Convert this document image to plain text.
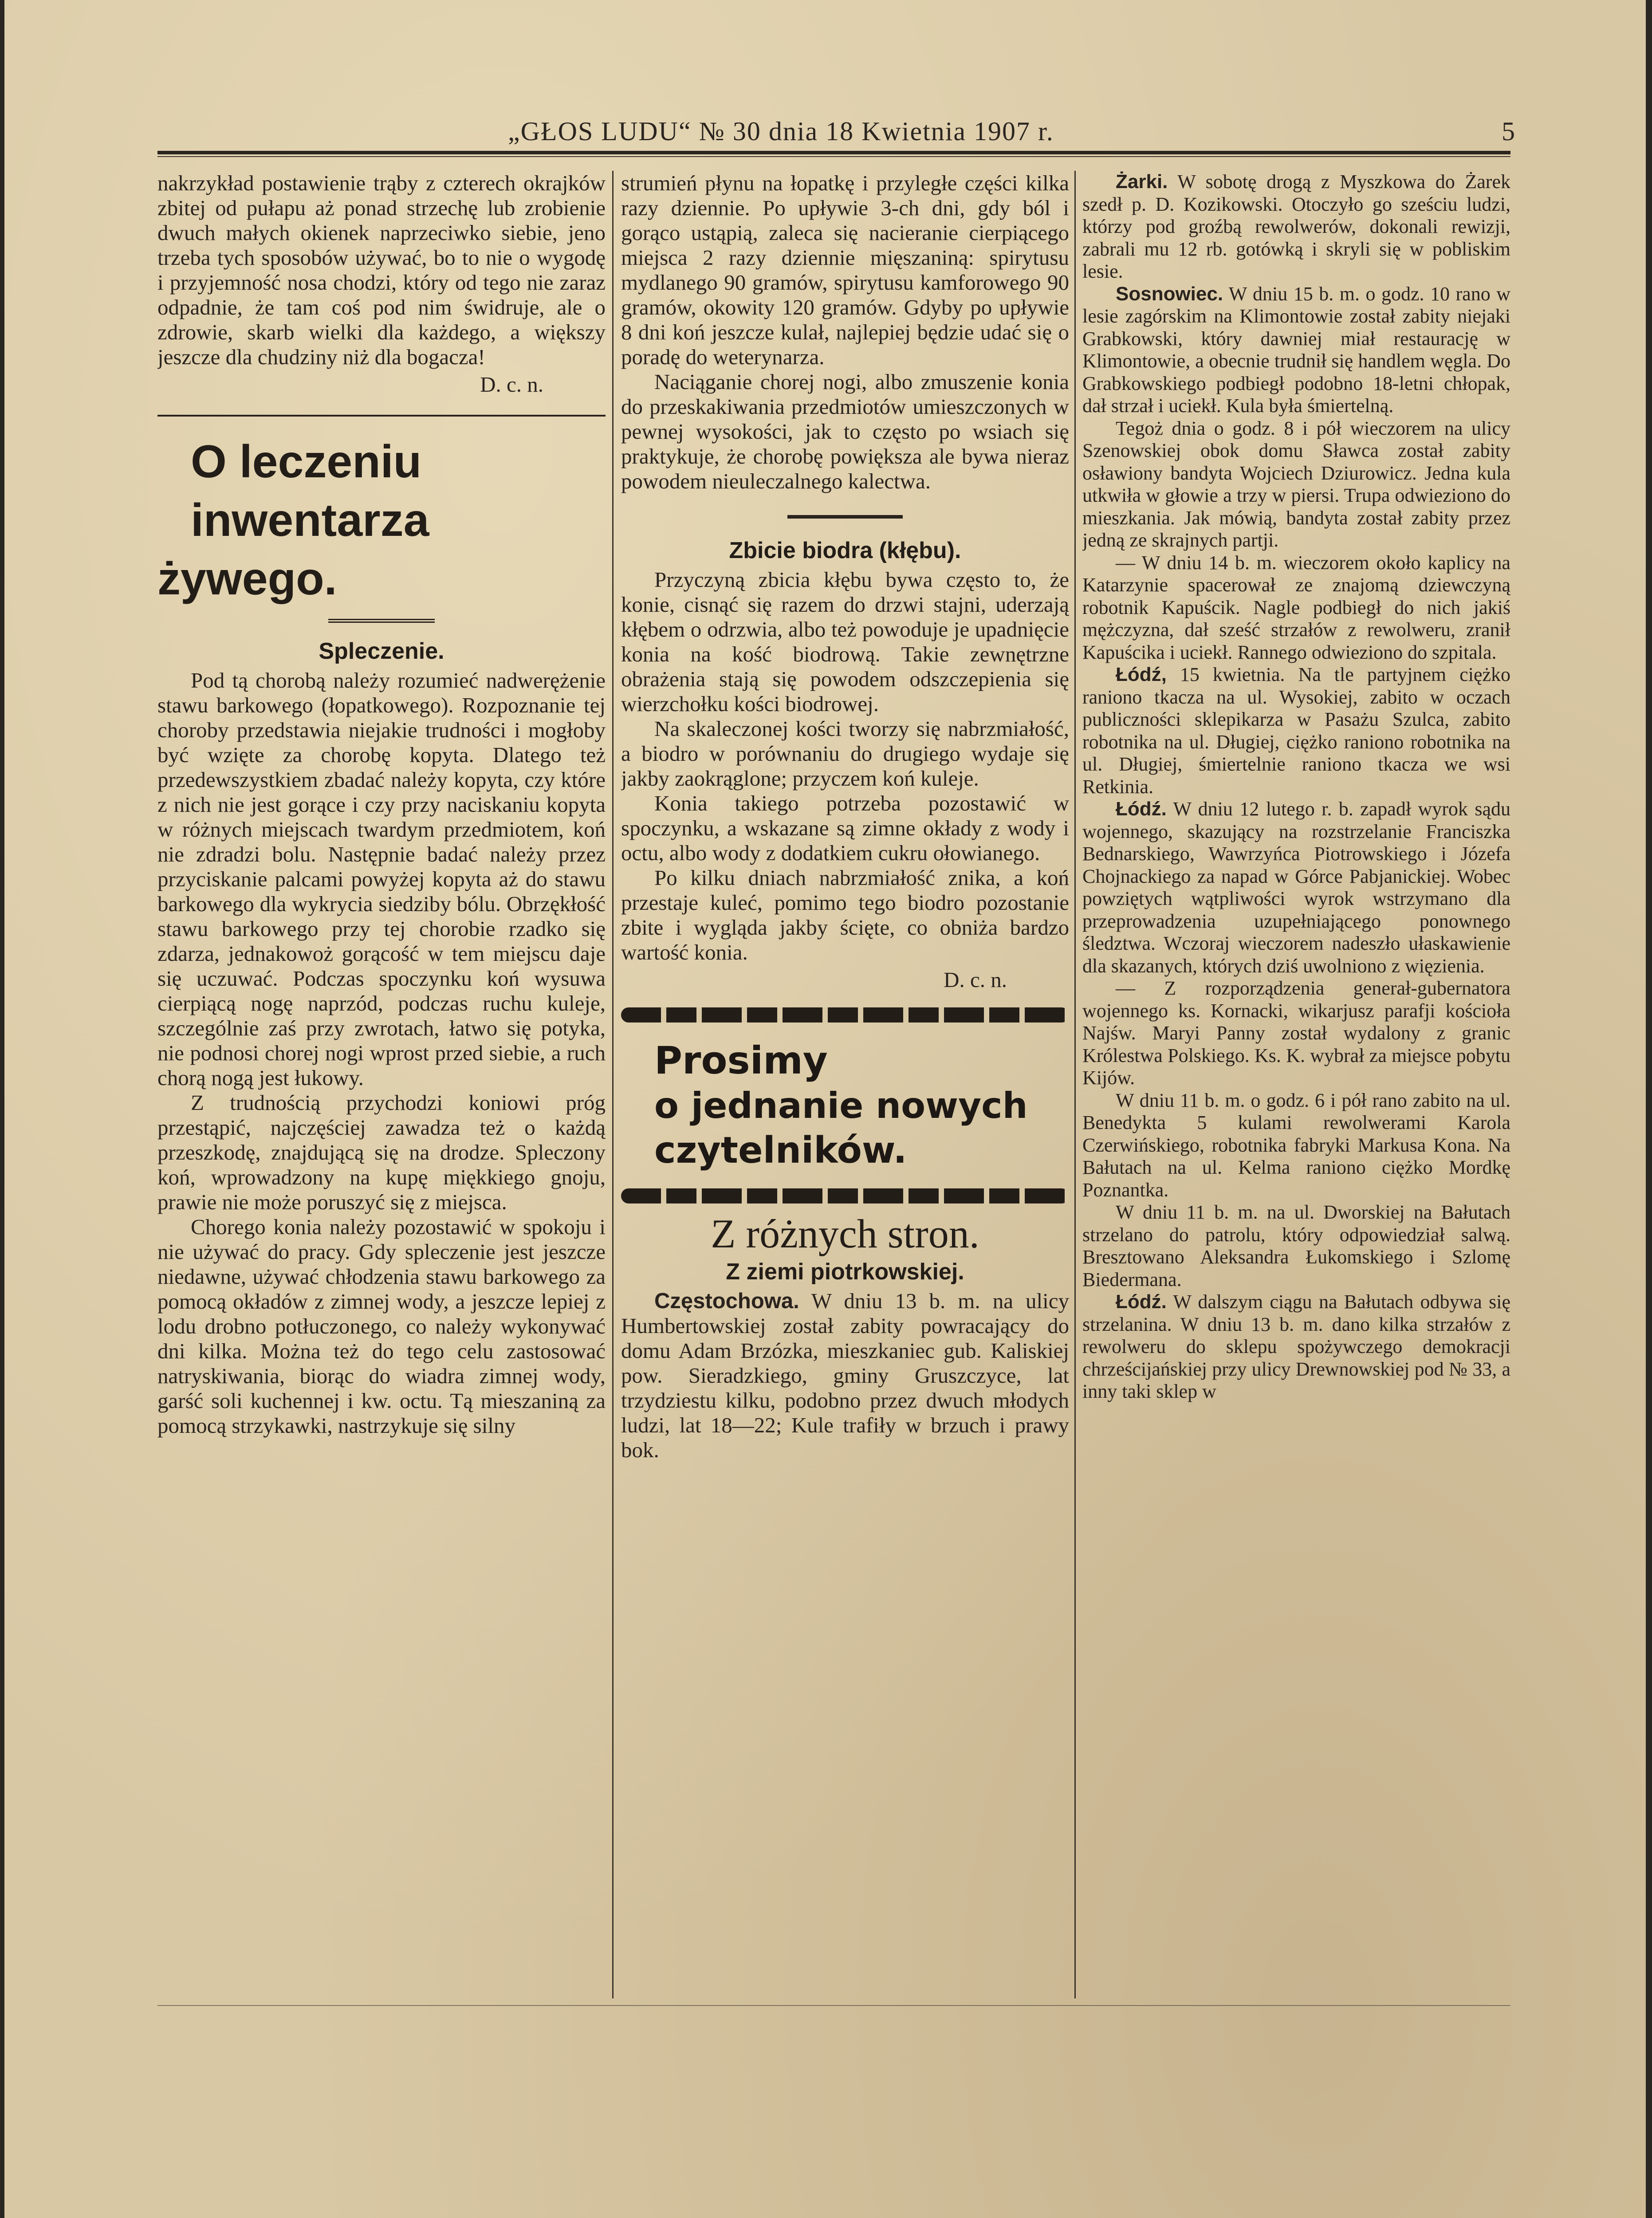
„GŁOS LUDU“ № 30 dnia 18 Kwietnia 1907 r.	5

nakrzykład postawienie trąby z czterech okrajków zbitej od pułapu aż ponad strzechę lub zrobienie dwuch małych okienek naprzeciwko siebie, jeno trzeba tych sposobów używać, bo to nie o wygodę i przyjemność nosa chodzi, który od tego nie zaraz odpadnie, że tam coś pod nim świdruje, ale o zdrowie, skarb wielki dla każdego, a większy jeszcze dla chudziny niż dla bogacza!

D. c. n.

O leczeniu

inwentarza żywego.

Spleczenie.

Pod tą chorobą należy rozumieć nadwerężenie stawu barkowego (łopatkowego). Rozpoznanie tej choroby przedstawia niejakie trudności i mogłoby być wzięte za chorobę kopyta. Dlatego też przedewszystkiem zbadać należy kopyta, czy które z nich nie jest gorące i czy przy naciskaniu kopyta w różnych miejscach twardym przedmiotem, koń nie zdradzi bolu. Następnie badać należy przez przyciskanie palcami powyżej kopyta aż do stawu barkowego dla wykrycia siedziby bólu. Obrzękłość stawu barkowego przy tej chorobie rzadko się zdarza, jednakowoż gorącość w tem miejscu daje się uczuwać. Podczas spoczynku koń wysuwa cierpiącą nogę naprzód, podczas ruchu kuleje, szczególnie zaś przy zwrotach, łatwo się potyka, nie podnosi chorej nogi wprost przed siebie, a ruch chorą nogą jest łukowy.

Z trudnością przychodzi koniowi próg przestąpić, najczęściej zawadza też o każdą przeszkodę, znajdującą się na drodze. Spleczony koń, wprowadzony na kupę miękkiego gnoju, prawie nie może poruszyć się z miejsca.

Chorego konia należy pozostawić w spokoju i nie używać do pracy. Gdy spleczenie jest jeszcze niedawne, używać chłodzenia stawu barkowego za pomocą okładów z zimnej wody, a jeszcze lepiej z lodu drobno potłuczonego, co należy wykonywać dni kilka. Można też do tego celu zastosować natryskiwania, biorąc do wiadra zimnej wody, garść soli kuchennej i kw. octu. Tą mieszaniną za pomocą strzykawki, nastrzykuje się silny

strumień płynu na łopatkę i przyległe części kilka razy dziennie. Po upływie 3-ch dni, gdy ból i gorąco ustąpią, zaleca się nacieranie cierpiącego miejsca 2 razy dziennie mięszaniną: spirytusu mydlanego 90 gramów, spirytusu kamforowego 90 gramów, okowity 120 gramów. Gdyby po upływie 8 dni koń jeszcze kulał, najlepiej będzie udać się o poradę do weterynarza.

Naciąganie chorej nogi, albo zmuszenie konia do przeskakiwania przedmiotów umieszczonych w pewnej wysokości, jak to często po wsiach się praktykuje, że chorobę powiększa ale bywa nieraz powodem nieuleczalnego kalectwa.

Zbicie biodra (kłębu).

Przyczyną zbicia kłębu bywa często to, że konie, cisnąć się razem do drzwi stajni, uderzają kłębem o odrzwia, albo też powoduje je upadnięcie konia na kość biodrową. Takie zewnętrzne obrażenia stają się powodem odszczepienia się wierzchołku kości biodrowej.

Na skaleczonej kości tworzy się nabrzmiałość, a biodro w porównaniu do drugiego wydaje się jakby zaokrąglone; przyczem koń kuleje.

Konia takiego potrzeba pozostawić w spoczynku, a wskazane są zimne okłady z wody i octu, albo wody z dodatkiem cukru ołowianego.

Po kilku dniach nabrzmiałość znika, a koń przestaje kuleć, pomimo tego biodro pozostanie zbite i wygląda jakby ścięte, co obniża bardzo wartość konia.

D. c. n.

Prosimy

o jednanie nowych

czytelników.

Z różnych stron.
Z ziemi piotrkowskiej.

Częstochowa. W dniu 13 b. m. na ulicy Humbertowskiej został zabity powracający do domu Adam Brzózka, mieszkaniec gub. Kaliskiej pow. Sieradzkiego, gminy Gruszczyce, lat trzydziestu kilku, podobno przez dwuch młodych ludzi, lat 18—22; Kule trafiły w brzuch i prawy bok.

Żarki. W sobotę drogą z Myszkowa do Żarek szedł p. D. Kozikowski. Otoczyło go sześciu ludzi, którzy pod groźbą rewolwerów, dokonali rewizji, zabrali mu 12 rb. gotówką i skryli się w pobliskim lesie.

Sosnowiec. W dniu 15 b. m. o godz. 10 rano w lesie zagórskim na Klimontowie został zabity niejaki Grabkowski, który dawniej miał restaurację w Klimontowie, a obecnie trudnił się handlem węgla. Do Grabkowskiego podbiegł podobno 18-letni chłopak, dał strzał i uciekł. Kula była śmiertelną.

Tegoż dnia o godz. 8 i pół wieczorem na ulicy Szenowskiej obok domu Sławca został zabity osławiony bandyta Wojciech Dziurowicz. Jedna kula utkwiła w głowie a trzy w piersi. Trupa odwieziono do mieszkania. Jak mówią, bandyta został zabity przez jedną ze skrajnych partji.

— W dniu 14 b. m. wieczorem około kaplicy na Katarzynie spacerował ze znajomą dziewczyną robotnik Kapuścik. Nagle podbiegł do nich jakiś mężczyzna, dał sześć strzałów z rewolweru, zranił Kapuścika i uciekł. Rannego odwieziono do szpitala.

Łódź, 15 kwietnia. Na tle partyjnem ciężko raniono tkacza na ul. Wysokiej, zabito w oczach publiczności sklepikarza w Pasażu Szulca, zabito robotnika na ul. Długiej, ciężko raniono robotnika na ul. Długiej, śmiertelnie raniono tkacza we wsi Retkinia.

Łódź. W dniu 12 lutego r. b. zapadł wyrok sądu wojennego, skazujący na rozstrzelanie Franciszka Bednarskiego, Wawrzyńca Piotrowskiego i Józefa Chojnackiego za napad w Górce Pabjanickiej. Wobec powziętych wątpliwości wyrok wstrzymano dla przeprowadzenia uzupełniającego ponownego śledztwa. Wczoraj wieczorem nadeszło ułaskawienie dla skazanych, których dziś uwolniono z więzienia.

— Z rozporządzenia generał-gubernatora wojennego ks. Kornacki, wikarjusz parafji kościoła Najśw. Maryi Panny został wydalony z granic Królestwa Polskiego. Ks. K. wybrał za miejsce pobytu Kijów.

W dniu 11 b. m. o godz. 6 i pół rano zabito na ul. Benedykta 5 kulami rewolwerami Karola Czerwińskiego, robotnika fabryki Markusa Kona. Na Bałutach na ul. Kelma raniono ciężko Mordkę Poznantka.

W dniu 11 b. m. na ul. Dworskiej na Bałutach strzelano do patrolu, który odpowiedział salwą. Bresztowano Aleksandra Łukomskiego i Szlomę Biedermana.

Łódź. W dalszym ciągu na Bałutach odbywa się strzelanina. W dniu 13 b. m. dano kilka strzałów z rewolweru do sklepu spożywczego demokracji chrześcijańskiej przy ulicy Drewnowskiej pod № 33, a inny taki sklep w
